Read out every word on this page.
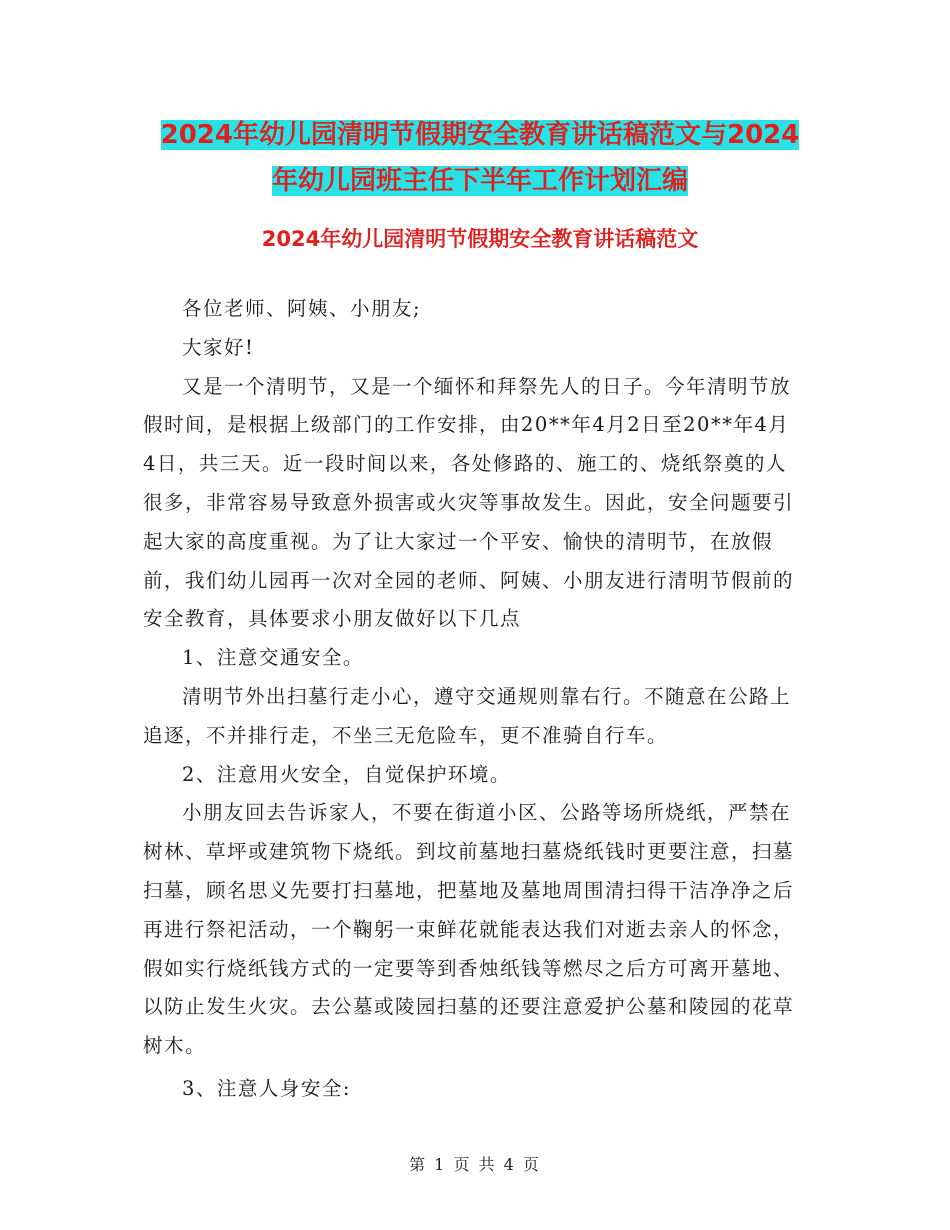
2024年幼儿园清明节假期安全教育讲话稿范文与2024
年幼儿园班主任下半年工作计划汇编
2024年幼儿园清明节假期安全教育讲话稿范文

各位老师、阿姨、小朋友;

大家好!

又是一个清明节，又是一个缅怀和拜祭先人的日子。今年清明节放假时间，是根据上级部门的工作安排，由20**年4月2日至20**年4月4日，共三天。近一段时间以来，各处修路的、施工的、烧纸祭奠的人很多，非常容易导致意外损害或火灾等事故发生。因此，安全问题要引起大家的高度重视。为了让大家过一个平安、愉快的清明节，在放假前，我们幼儿园再一次对全园的老师、阿姨、小朋友进行清明节假前的安全教育，具体要求小朋友做好以下几点

1、注意交通安全。

清明节外出扫墓行走小心，遵守交通规则靠右行。不随意在公路上追逐，不并排行走，不坐三无危险车，更不准骑自行车。

2、注意用火安全，自觉保护环境。

小朋友回去告诉家人，不要在街道小区、公路等场所烧纸，严禁在树林、草坪或建筑物下烧纸。到坟前墓地扫墓烧纸钱时更要注意，扫墓扫墓，顾名思义先要打扫墓地，把墓地及墓地周围清扫得干洁净净之后再进行祭祀活动，一个鞠躬一束鲜花就能表达我们对逝去亲人的怀念，假如实行烧纸钱方式的一定要等到香烛纸钱等燃尽之后方可离开墓地、以防止发生火灾。去公墓或陵园扫墓的还要注意爱护公墓和陵园的花草树木。

3、注意人身安全:

第 1 页 共 4 页
